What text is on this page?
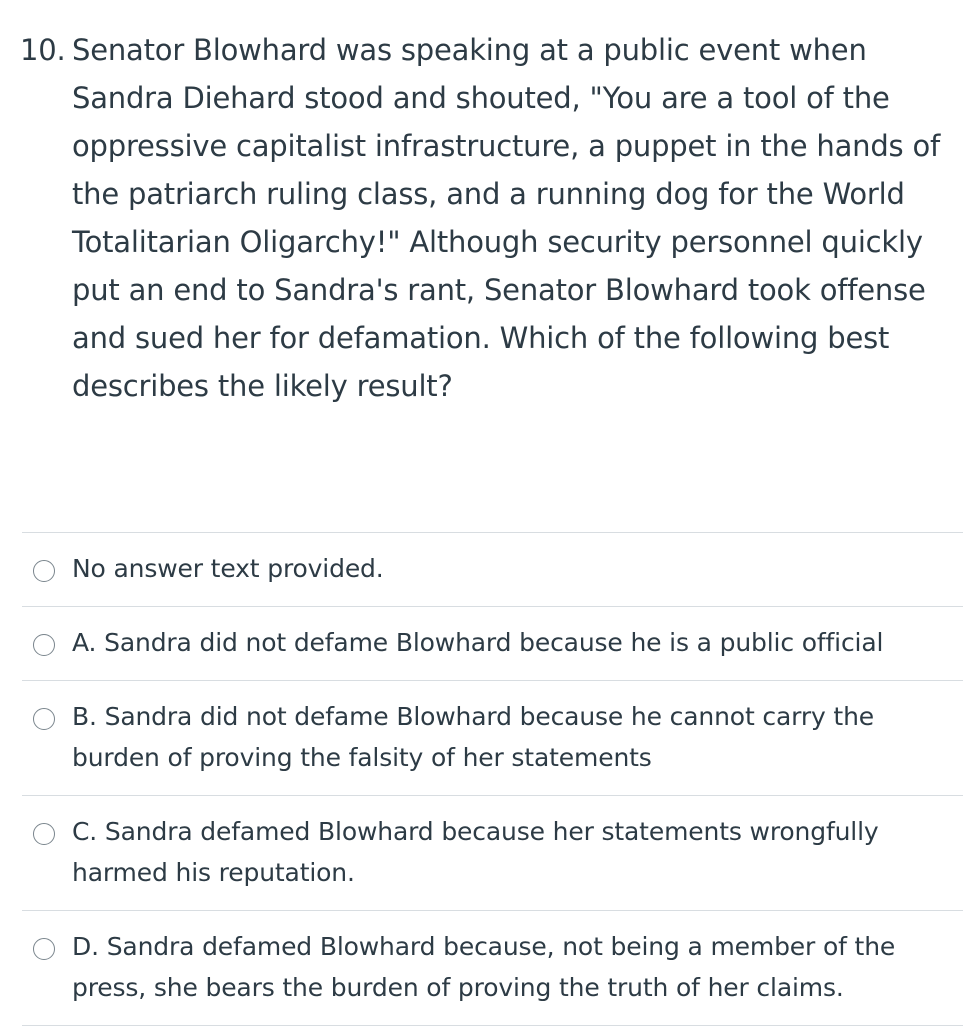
10. Senator Blowhard was speaking at a public event when Sandra Diehard stood and shouted, "You are a tool of the oppressive capitalist infrastructure, a puppet in the hands of the patriarch ruling class, and a running dog for the World Totalitarian Oligarchy!" Although security personnel quickly put an end to Sandra's rant, Senator Blowhard took offense and sued her for defamation. Which of the following best describes the likely result?
No answer text provided.
A. Sandra did not defame Blowhard because he is a public official
B. Sandra did not defame Blowhard because he cannot carry the burden of proving the falsity of her statements
C. Sandra defamed Blowhard because her statements wrongfully harmed his reputation.
D. Sandra defamed Blowhard because, not being a member of the press, she bears the burden of proving the truth of her claims.
